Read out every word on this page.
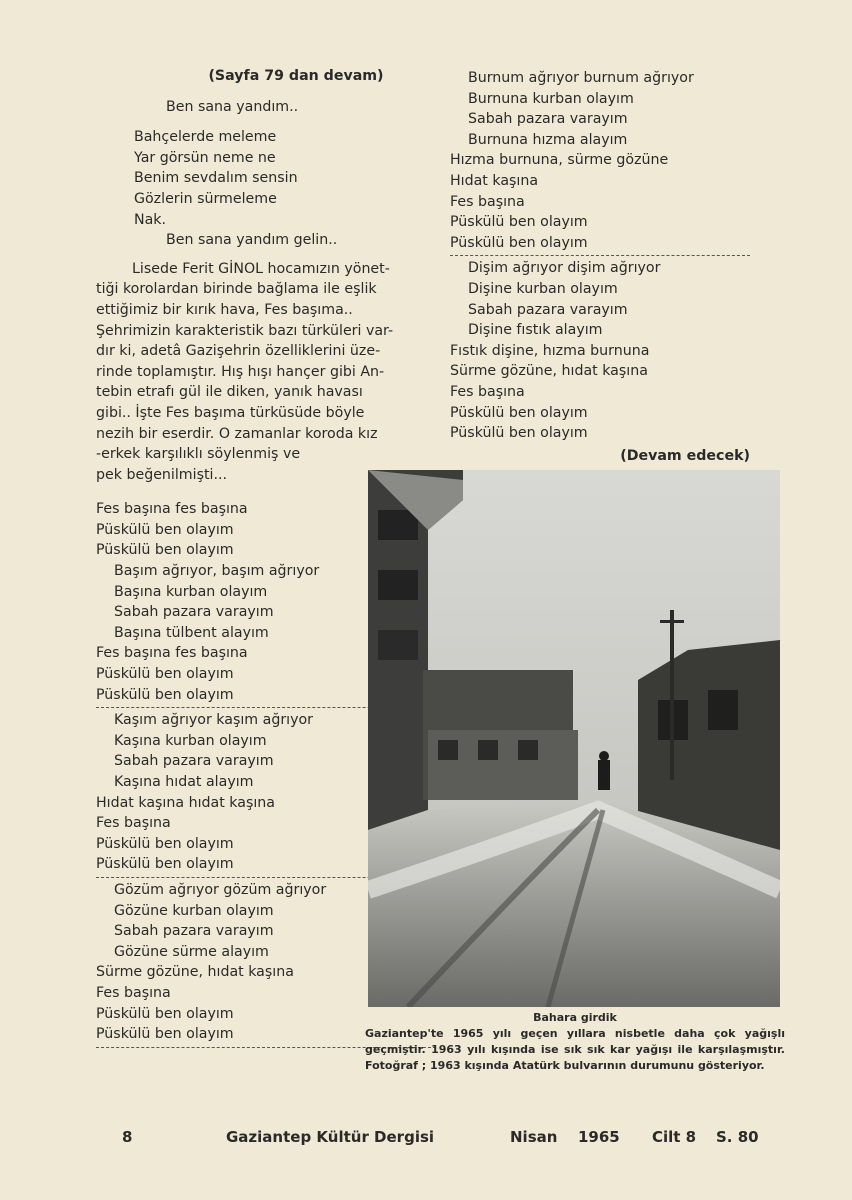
(Sayfa 79 dan devam)
Ben sana yandım..
Bahçelerde meleme
Yar görsün neme ne
Benim sevdalım sensin
Gözlerin sürmeleme
Nak.
Ben sana yandım gelin..
Lisede Ferit GİNOL hocamızın yönet-
tiği korolardan birinde bağlama ile eşlik
ettiğimiz bir kırık hava, Fes başıma..
Şehrimizin karakteristik bazı türküleri var-
dır ki, adetâ Gazişehrin özelliklerini üze-
rinde toplamıştır. Hış hışı hançer gibi An-
tebin etrafı gül ile diken, yanık havası
gibi.. İşte Fes başıma türküsüde böyle
nezih bir eserdir. O zamanlar koroda kız
-erkek karşılıklı söylenmiş ve
pek beğenilmişti...
Fes başına fes başına
Püskülü ben olayım
Püskülü ben olayım
Başım ağrıyor, başım ağrıyor
Başına kurban olayım
Sabah pazara varayım
Başına tülbent alayım
Fes başına fes başına
Püskülü ben olayım
Püskülü ben olayım
Kaşım ağrıyor kaşım ağrıyor
Kaşına kurban olayım
Sabah pazara varayım
Kaşına hıdat alayım
Hıdat kaşına hıdat kaşına
Fes başına
Püskülü ben olayım
Püskülü ben olayım
Gözüm ağrıyor gözüm ağrıyor
Gözüne kurban olayım
Sabah pazara varayım
Gözüne sürme alayım
Sürme gözüne, hıdat kaşına
Fes başına
Püskülü ben olayım
Püskülü ben olayım
Burnum ağrıyor burnum ağrıyor
Burnuna kurban olayım
Sabah pazara varayım
Burnuna hızma alayım
Hızma burnuna, sürme gözüne
Hıdat kaşına
Fes başına
Püskülü ben olayım
Püskülü ben olayım
Dişim ağrıyor dişim ağrıyor
Dişine kurban olayım
Sabah pazara varayım
Dişine fıstık alayım
Fıstık dişine, hızma burnuna
Sürme gözüne, hıdat kaşına
Fes başına
Püskülü ben olayım
Püskülü ben olayım
(Devam edecek)
Bahara girdik
Gaziantep'te 1965 yılı geçen yıllara nisbetle daha çok yağışlı geçmiştir. 1963 yılı kışında ise sık sık kar yağışı ile karşılaşmıştır. Fotoğraf ; 1963 kışında Atatürk bulvarının durumunu gösteriyor.
8	Gaziantep Kültür Dergisi	Nisan 1965 Cilt 8 S. 80
